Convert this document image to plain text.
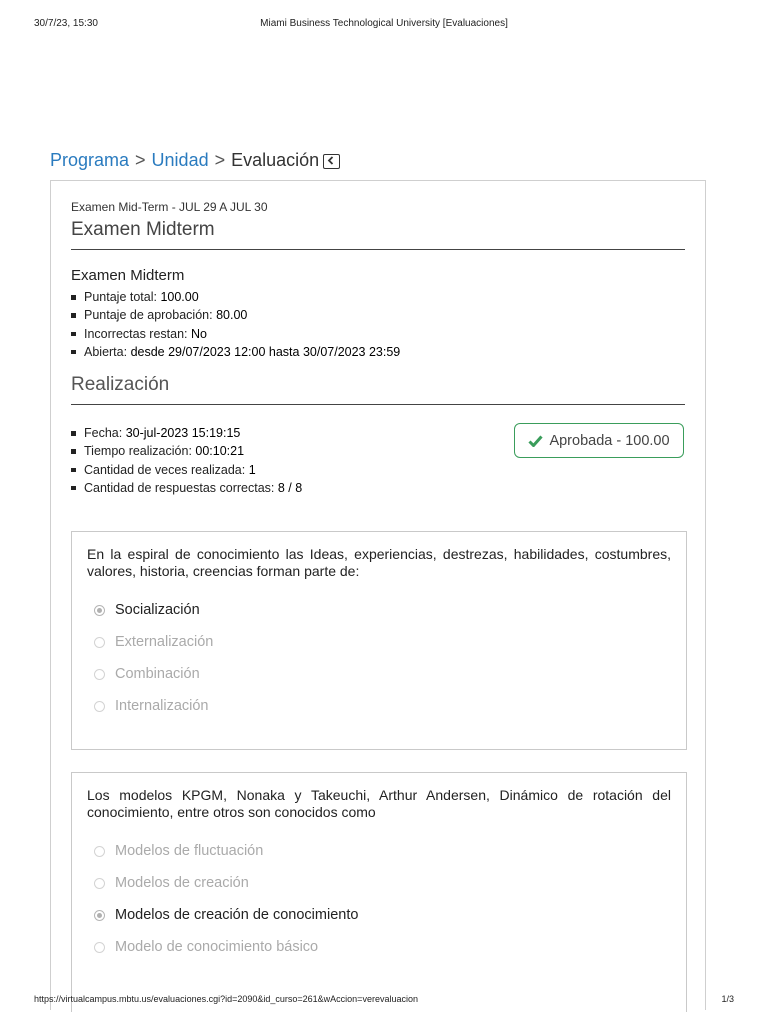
30/7/23, 15:30	Miami Business Technological University [Evaluaciones]
Programa > Unidad > Evaluación
Examen Mid-Term - JUL 29 A JUL 30
Examen Midterm
Examen Midterm
Puntaje total: 100.00
Puntaje de aprobación: 80.00
Incorrectas restan: No
Abierta: desde 29/07/2023 12:00 hasta 30/07/2023 23:59
Realización
Fecha: 30-jul-2023 15:19:15
Tiempo realización: 00:10:21
Cantidad de veces realizada: 1
Cantidad de respuestas correctas: 8 / 8
Aprobada - 100.00
En la espiral de conocimiento las Ideas, experiencias, destrezas, habilidades, costumbres, valores, historia, creencias forman parte de:
Socialización
Externalización
Combinación
Internalización
Los modelos KPGM, Nonaka y Takeuchi, Arthur Andersen, Dinámico de rotación del conocimiento, entre otros son conocidos como
Modelos de fluctuación
Modelos de creación
Modelos de creación de conocimiento
Modelo de conocimiento básico
https://virtualcampus.mbtu.us/evaluaciones.cgi?id=2090&id_curso=261&wAccion=verevaluacion	1/3
